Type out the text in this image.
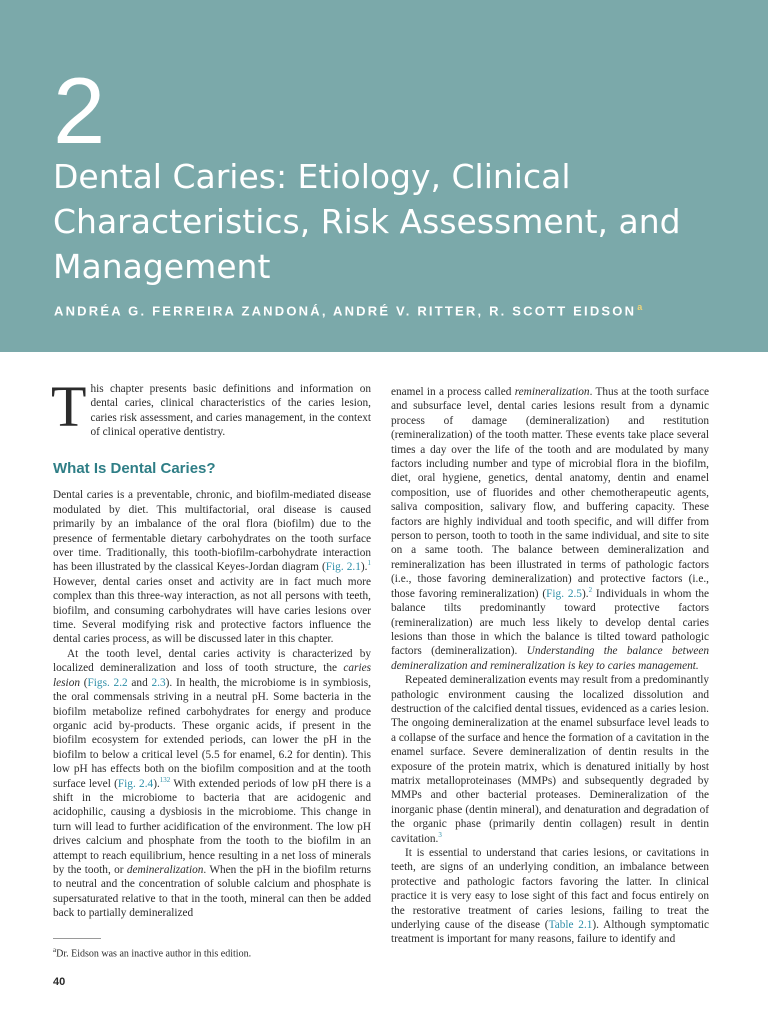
2
Dental Caries: Etiology, Clinical Characteristics, Risk Assessment, and Management
ANDRÉA G. FERREIRA ZANDONÁ, ANDRÉ V. RITTER, R. SCOTT EIDSON$^a$

This chapter presents basic definitions and information on dental caries, clinical characteristics of the caries lesion, caries risk assessment, and caries management, in the context of clinical operative dentistry.

What Is Dental Caries?

Dental caries is a preventable, chronic, and biofilm-mediated disease modulated by diet. This multifactorial, oral disease is caused primarily by an imbalance of the oral flora (biofilm) due to the presence of fermentable dietary carbohydrates on the tooth surface over time. Traditionally, this tooth-biofilm-carbohydrate interaction has been illustrated by the classical Keyes-Jordan diagram (Fig. 2.1).$^1$ However, dental caries onset and activity are in fact much more complex than this three-way interaction, as not all persons with teeth, biofilm, and consuming carbohydrates will have caries lesions over time. Several modifying risk and protective factors influence the dental caries process, as will be discussed later in this chapter.

At the tooth level, dental caries activity is characterized by localized demineralization and loss of tooth structure, the caries lesion (Figs. 2.2 and 2.3). In health, the microbiome is in symbiosis, the oral commensals striving in a neutral pH. Some bacteria in the biofilm metabolize refined carbohydrates for energy and produce organic acid by-products. These organic acids, if present in the biofilm ecosystem for extended periods, can lower the pH in the biofilm to below a critical level (5.5 for enamel, 6.2 for dentin). This low pH has effects both on the biofilm composition and at the tooth surface level (Fig. 2.4).$^{132}$ With extended periods of low pH there is a shift in the microbiome to bacteria that are acidogenic and acidophilic, causing a dysbiosis in the microbiome. This change in turn will lead to further acidification of the environment. The low pH drives calcium and phosphate from the tooth to the biofilm in an attempt to reach equilibrium, hence resulting in a net loss of minerals by the tooth, or demineralization. When the pH in the biofilm returns to neutral and the concentration of soluble calcium and phosphate is supersaturated relative to that in the tooth, mineral can then be added back to partially demineralized

enamel in a process called remineralization. Thus at the tooth surface and subsurface level, dental caries lesions result from a dynamic process of damage (demineralization) and restitution (remineralization) of the tooth matter. These events take place several times a day over the life of the tooth and are modulated by many factors including number and type of microbial flora in the biofilm, diet, oral hygiene, genetics, dental anatomy, dentin and enamel composition, use of fluorides and other chemotherapeutic agents, saliva composition, salivary flow, and buffering capacity. These factors are highly individual and tooth specific, and will differ from person to person, tooth to tooth in the same individual, and site to site on a same tooth. The balance between demineralization and remineralization has been illustrated in terms of pathologic factors (i.e., those favoring demineralization) and protective factors (i.e., those favoring remineralization) (Fig. 2.5).$^2$ Individuals in whom the balance tilts predominantly toward protective factors (remineralization) are much less likely to develop dental caries lesions than those in which the balance is tilted toward pathologic factors (demineralization). Understanding the balance between demineralization and remineralization is key to caries management.

Repeated demineralization events may result from a predominantly pathologic environment causing the localized dissolution and destruction of the calcified dental tissues, evidenced as a caries lesion. The ongoing demineralization at the enamel subsurface level leads to a collapse of the surface and hence the formation of a cavitation in the enamel surface. Severe demineralization of dentin results in the exposure of the protein matrix, which is denatured initially by host matrix metalloproteinases (MMPs) and subsequently degraded by MMPs and other bacterial proteases. Demineralization of the inorganic phase (dentin mineral), and denaturation and degradation of the organic phase (primarily dentin collagen) result in dentin cavitation.$^3$

It is essential to understand that caries lesions, or cavitations in teeth, are signs of an underlying condition, an imbalance between protective and pathologic factors favoring the latter. In clinical practice it is very easy to lose sight of this fact and focus entirely on the restorative treatment of caries lesions, failing to treat the underlying cause of the disease (Table 2.1). Although symptomatic treatment is important for many reasons, failure to identify and

$^a$Dr. Eidson was an inactive author in this edition.
40
